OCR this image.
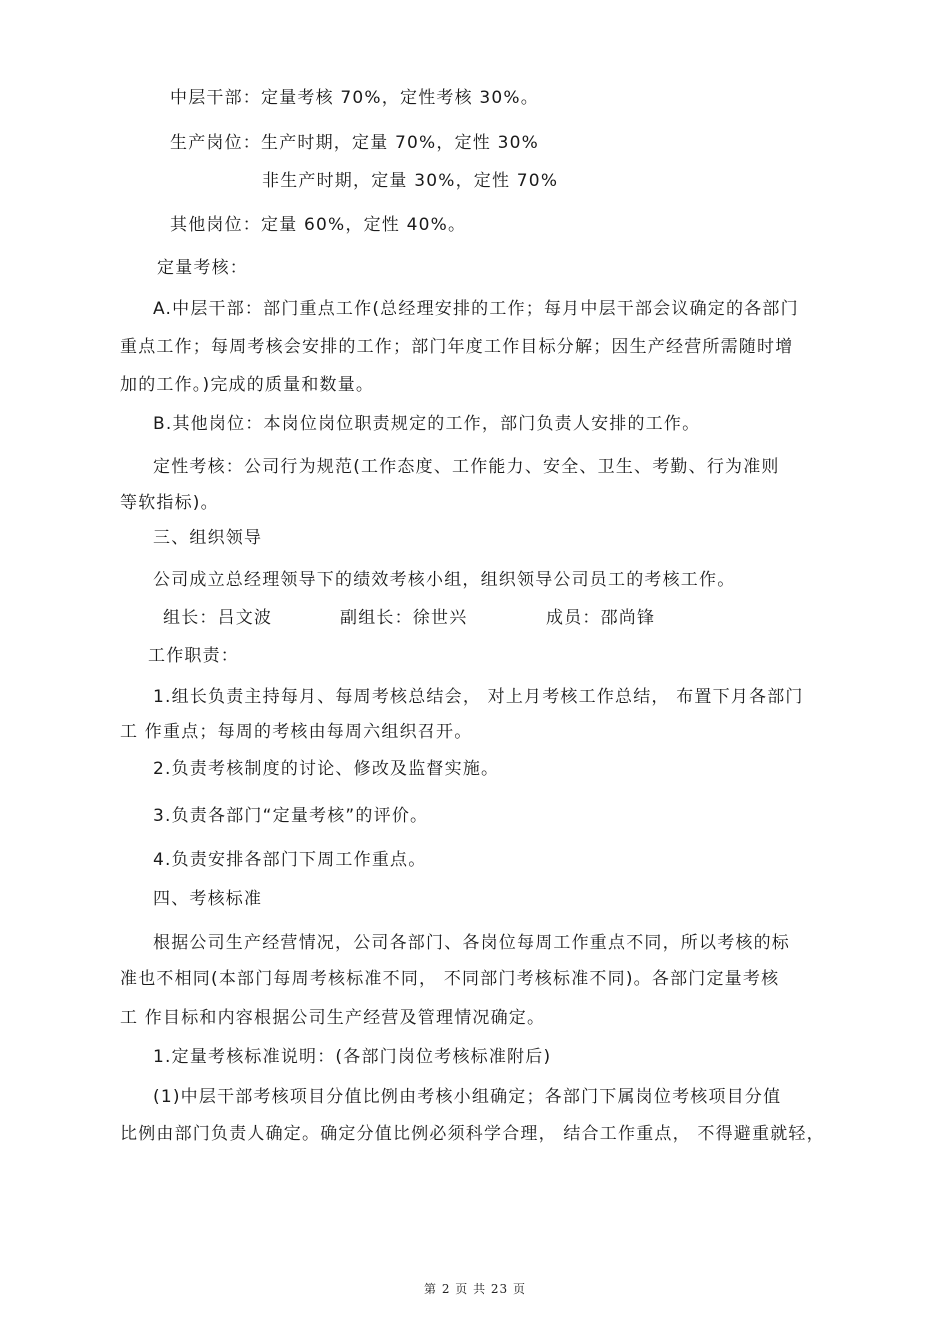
中层干部：定量考核 70%，定性考核 30%。
生产岗位：生产时期，定量 70%，定性 30%
非生产时期，定量 30%，定性 70%
其他岗位：定量 60%，定性 40%。
定量考核：
A.中层干部：部门重点工作(总经理安排的工作；每月中层干部会议确定的各部门
重点工作；每周考核会安排的工作；部门年度工作目标分解；因生产经营所需随时增
加的工作。)完成的质量和数量。
B.其他岗位：本岗位岗位职责规定的工作，部门负责人安排的工作。
定性考核：公司行为规范(工作态度、工作能力、安全、卫生、考勤、行为准则
等软指标)。
三、组织领导
公司成立总经理领导下的绩效考核小组，组织领导公司员工的考核工作。
组长：吕文波	副组长：徐世兴	成员：邵尚锋
工作职责：
1.组长负责主持每月、每周考核总结会， 对上月考核工作总结， 布置下月各部门
工 作重点；每周的考核由每周六组织召开。
2.负责考核制度的讨论、修改及监督实施。
3.负责各部门“定量考核”的评价。
4.负责安排各部门下周工作重点。
四、考核标准
根据公司生产经营情况，公司各部门、各岗位每周工作重点不同，所以考核的标
准也不相同(本部门每周考核标准不同， 不同部门考核标准不同)。各部门定量考核
工 作目标和内容根据公司生产经营及管理情况确定。
1.定量考核标准说明：(各部门岗位考核标准附后)
(1)中层干部考核项目分值比例由考核小组确定；各部门下属岗位考核项目分值
比例由部门负责人确定。确定分值比例必须科学合理， 结合工作重点， 不得避重就轻，
第 2 页 共 23 页
